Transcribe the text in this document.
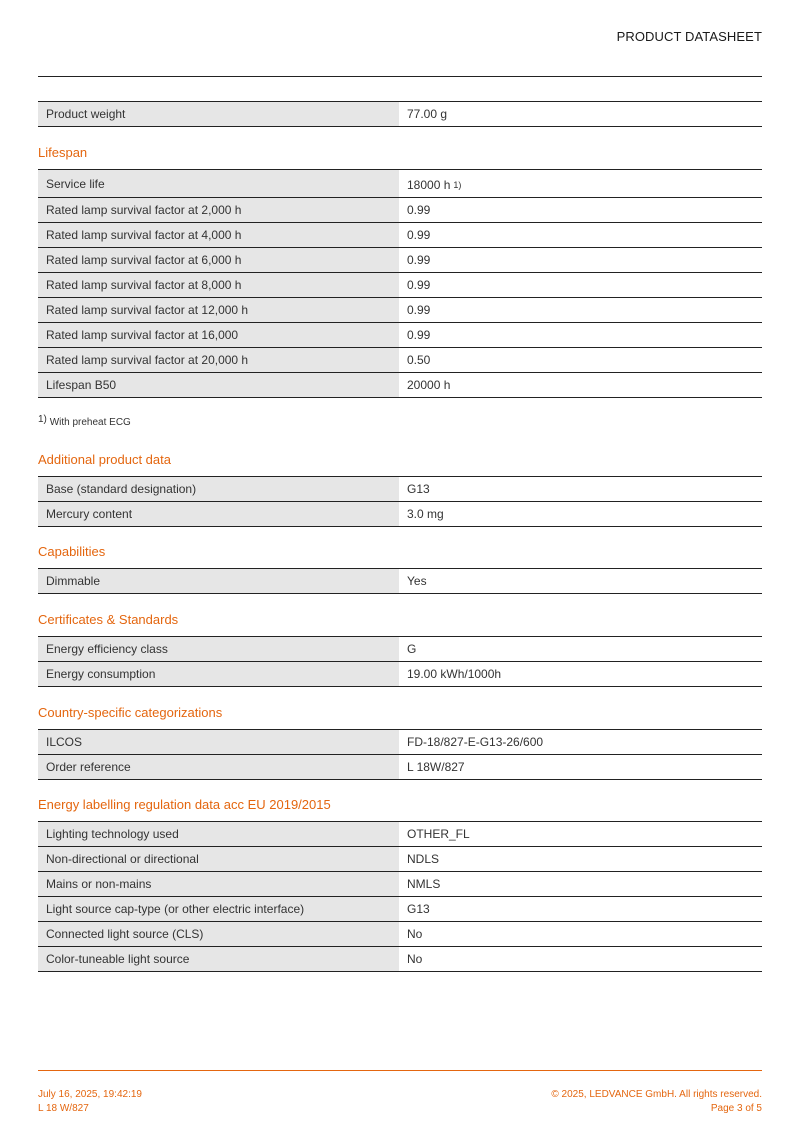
PRODUCT DATASHEET
Product weight	77.00 g
Lifespan
Service life	18000 h $^{1)}$
Rated lamp survival factor at 2,000 h	0.99
Rated lamp survival factor at 4,000 h	0.99
Rated lamp survival factor at 6,000 h	0.99
Rated lamp survival factor at 8,000 h	0.99
Rated lamp survival factor at 12,000 h	0.99
Rated lamp survival factor at 16,000	0.99
Rated lamp survival factor at 20,000 h	0.50
Lifespan B50	20000 h
1) With preheat ECG
Additional product data
Base (standard designation)	G13
Mercury content	3.0 mg
Capabilities
Dimmable	Yes
Certificates & Standards
Energy efficiency class	G
Energy consumption	19.00 kWh/1000h
Country-specific categorizations
ILCOS	FD-18/827-E-G13-26/600
Order reference	L 18W/827
Energy labelling regulation data acc EU 2019/2015
Lighting technology used	OTHER_FL
Non-directional or directional	NDLS
Mains or non-mains	NMLS
Light source cap-type (or other electric interface)	G13
Connected light source (CLS)	No
Color-tuneable light source	No
July 16, 2025, 19:42:19
L 18 W/827
© 2025, LEDVANCE GmbH. All rights reserved.
Page 3 of 5
